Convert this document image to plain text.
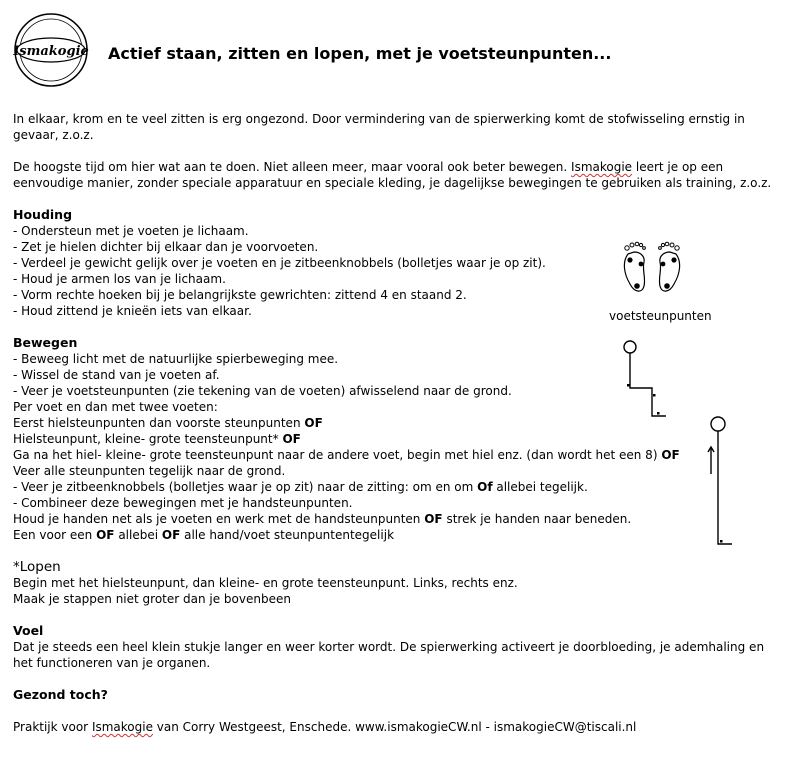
Ismakogie Actief staan, zitten en lopen, met je voetsteunpunten...

In elkaar, krom en te veel zitten is erg ongezond. Door vermindering van de spierwerking komt de stofwisseling ernstig in gevaar, z.o.z.

De hoogste tijd om hier wat aan te doen. Niet alleen meer, maar vooral ook beter bewegen. Ismakogie leert je op een eenvoudige manier, zonder speciale apparatuur en speciale kleding, je dagelijkse bewegingen te gebruiken als training, z.o.z.

Houding

- Ondersteun met je voeten je lichaam.

- Zet je hielen dichter bij elkaar dan je voorvoeten.

- Verdeel je gewicht gelijk over je voeten en je zitbeenknobbels (bolletjes waar je op zit).

- Houd je armen los van je lichaam.

- Vorm rechte hoeken bij je belangrijkste gewrichten: zittend 4 en staand 2.

- Houd zittend je knieën iets van elkaar.

Bewegen

- Beweeg licht met de natuurlijke spierbeweging mee.

- Wissel de stand van je voeten af.

- Veer je voetsteunpunten (zie tekening van de voeten) afwisselend naar de grond.

Per voet en dan met twee voeten:

Eerst hielsteunpunten dan voorste steunpunten OF

Hielsteunpunt, kleine- grote teensteunpunt* OF

Ga na het hiel- kleine- grote teensteunpunt naar de andere voet, begin met hiel enz. (dan wordt het een 8) OF

Veer alle steunpunten tegelijk naar de grond.

- Veer je zitbeenknobbels (bolletjes waar je op zit) naar de zitting: om en om Of allebei tegelijk.

- Combineer deze bewegingen met je handsteunpunten.

Houd je handen net als je voeten en werk met de handsteunpunten OF strek je handen naar beneden.

Een voor een OF allebei OF alle hand/voet steunpuntentegelijk

*Lopen

Begin met het hielsteunpunt, dan kleine- en grote teensteunpunt. Links, rechts enz.

Maak je stappen niet groter dan je bovenbeen

Voel

Dat je steeds een heel klein stukje langer en weer korter wordt. De spierwerking activeert je doorbloeding, je ademhaling en het functioneren van je organen.

Gezond toch?

Praktijk voor Ismakogie van Corry Westgeest, Enschede. www.ismakogieCW.nl - ismakogieCW@tiscali.nl

voetsteunpunten
